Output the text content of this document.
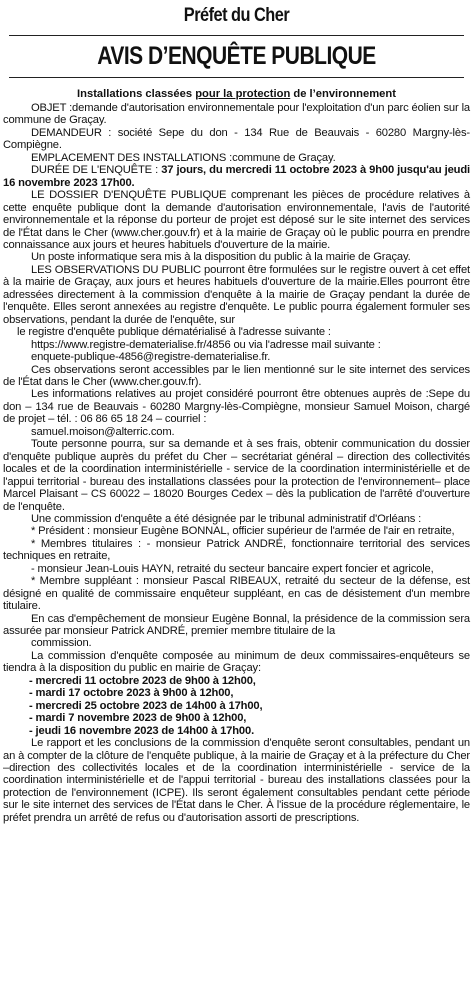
Préfet du Cher
AVIS D’ENQUÊTE PUBLIQUE
Installations classées pour la protection de l’environnement

OBJET :demande d'autorisation environnementale pour l'exploitation d'un parc éolien sur la commune de Graçay.

DEMANDEUR : société Sepe du don - 134 Rue de Beauvais - 60280 Margny-lès-Compiègne.

EMPLACEMENT DES INSTALLATIONS :commune de Graçay.

DURÉE DE L'ENQUÊTE : 37 jours, du mercredi 11 octobre 2023 à 9h00 jusqu'au jeudi 16 novembre 2023 17h00.

LE DOSSIER D'ENQUÊTE PUBLIQUE comprenant les pièces de procédure relatives à cette enquête publique dont la demande d'autorisation environnementale, l'avis de l'autorité environnementale et la réponse du porteur de projet est déposé sur le site internet des services de l'État dans le Cher (www.cher.gouv.fr) et à la mairie de Graçay où le public pourra en prendre connaissance aux jours et heures habituels d'ouverture de la mairie.

Un poste informatique sera mis à la disposition du public à la mairie de Graçay.

LES OBSERVATIONS DU PUBLIC pourront être formulées sur le registre ouvert à cet effet à la mairie de Graçay, aux jours et heures habituels d'ouverture de la mairie.Elles pourront être adressées directement à la commission d'enquête à la mairie de Graçay pendant la durée de l'enquête. Elles seront annexées au registre d'enquête. Le public pourra également formuler ses observations, pendant la durée de l'enquête, sur

le registre d'enquête publique dématérialisé à l'adresse suivante :

https://www.registre-dematerialise.fr/4856 ou via l'adresse mail suivante :

enquete-publique-4856@registre-dematerialise.fr.

Ces observations seront accessibles par le lien mentionné sur le site internet des services de l'État dans le Cher (www.cher.gouv.fr).

Les informations relatives au projet considéré pourront être obtenues auprès de :Sepe du don – 134 rue de Beauvais - 60280 Margny-lès-Compiègne, monsieur Samuel Moison, chargé de projet – tél. : 06 86 65 18 24 – courriel :

samuel.moison@alterric.com.

Toute personne pourra, sur sa demande et à ses frais, obtenir communication du dossier d'enquête publique auprès du préfet du Cher – secrétariat général – direction des collectivités locales et de la coordination interministérielle - service de la coordination interministérielle et de l'appui territorial - bureau des installations classées pour la protection de l'environnement– place Marcel Plaisant – CS 60022 – 18020 Bourges Cedex – dès la publication de l'arrêté d'ouverture de l'enquête.

Une commission d'enquête a été désignée par le tribunal administratif d'Orléans :

* Président : monsieur Eugène BONNAL, officier supérieur de l'armée de l'air en retraite,

* Membres titulaires : - monsieur Patrick ANDRÉ, fonctionnaire territorial des services techniques en retraite,

- monsieur Jean-Louis HAYN, retraité du secteur bancaire expert foncier et agricole,

* Membre suppléant : monsieur Pascal RIBEAUX, retraité du secteur de la défense, est désigné en qualité de commissaire enquêteur suppléant, en cas de désistement d'un membre titulaire.

En cas d'empêchement de monsieur Eugène Bonnal, la présidence de la commission sera assurée par monsieur Patrick ANDRÉ, premier membre titulaire de la

commission.

La commission d'enquête composée au minimum de deux commissaires-enquêteurs se tiendra à la disposition du public en mairie de Graçay:

- mercredi 11 octobre 2023 de 9h00 à 12h00,
- mardi 17 octobre 2023 à 9h00 à 12h00,
- mercredi 25 octobre 2023 de 14h00 à 17h00,
- mardi 7 novembre 2023 de 9h00 à 12h00,
- jeudi 16 novembre 2023 de 14h00 à 17h00.

Le rapport et les conclusions de la commission d'enquête seront consultables, pendant un an à compter de la clôture de l'enquête publique, à la mairie de Graçay et à la préfecture du Cher –direction des collectivités locales et de la coordination interministérielle - service de la coordination interministérielle et de l'appui territorial - bureau des installations classées pour la protection de l'environnement (ICPE). Ils seront également consultables pendant cette période sur le site internet des services de l'État dans le Cher. À l'issue de la procédure réglementaire, le préfet prendra un arrêté de refus ou d'autorisation assorti de prescriptions.
